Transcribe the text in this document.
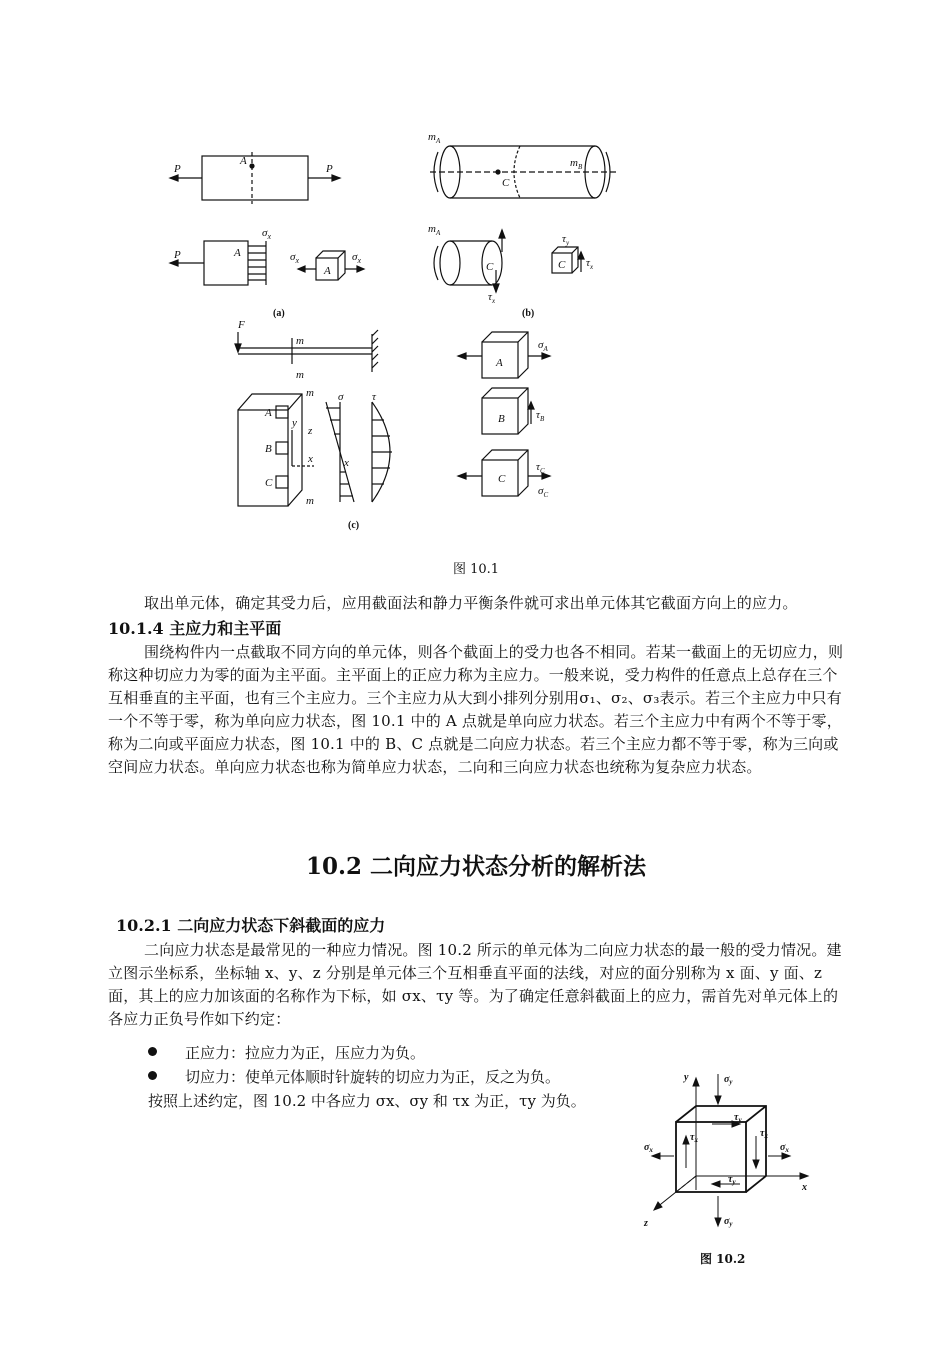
P	P
A
P	A
A
$\sigma_x$
$\sigma_x$	$\sigma_x$
$m_A$
$m_B$
C
$m_A$
C
$\tau_x$
C
$\tau_y$
$\tau_x$
F
m
m
m
m
A
B
C
y
z
x	x
σ	τ
A
$\sigma_A$
B	$\tau_B$
C
$\tau_C$
$\sigma_C$
(a)	(b)
(c)
图 10.1
取出单元体，确定其受力后，应用截面法和静力平衡条件就可求出单元体其它截面方向上的应力。
10.1.4 主应力和主平面
围绕构件内一点截取不同方向的单元体，则各个截面上的受力也各不相同。若某一截面上的无切应力，则称这种切应力为零的面为主平面。主平面上的正应力称为主应力。一般来说，受力构件的任意点上总存在三个互相垂直的主平面，也有三个主应力。三个主应力从大到小排列分别用σ₁、σ₂、σ₃表示。若三个主应力中只有一个不等于零，称为单向应力状态，图 10.1 中的 A 点就是单向应力状态。若三个主应力中有两个不等于零，称为二向或平面应力状态，图 10.1 中的 B、C 点就是二向应力状态。若三个主应力都不等于零，称为三向或空间应力状态。单向应力状态也称为简单应力状态，二向和三向应力状态也统称为复杂应力状态。
10.2 二向应力状态分析的解析法
10.2.1 二向应力状态下斜截面的应力
二向应力状态是最常见的一种应力情况。图 10.2 所示的单元体为二向应力状态的最一般的受力情况。建立图示坐标系，坐标轴 x、y、z 分别是单元体三个互相垂直平面的法线，对应的面分别称为 x 面、y 面、z 面，其上的应力加该面的名称作为下标，如 σx、τy 等。为了确定任意斜截面上的应力，需首先对单元体上的各应力正负号作如下约定：
正应力：拉应力为正，压应力为负。
切应力：使单元体顺时针旋转的切应力为正，反之为负。
按照上述约定，图 10.2 中各应力 σx、σy 和 τx 为正，τy 为负。
y	$\sigma_y$
$\sigma_x$	$\sigma_x$
$\tau_y$
$\tau_x$
$\tau_x$
$\tau_y$
$\sigma_y$
x
z
图 10.2
